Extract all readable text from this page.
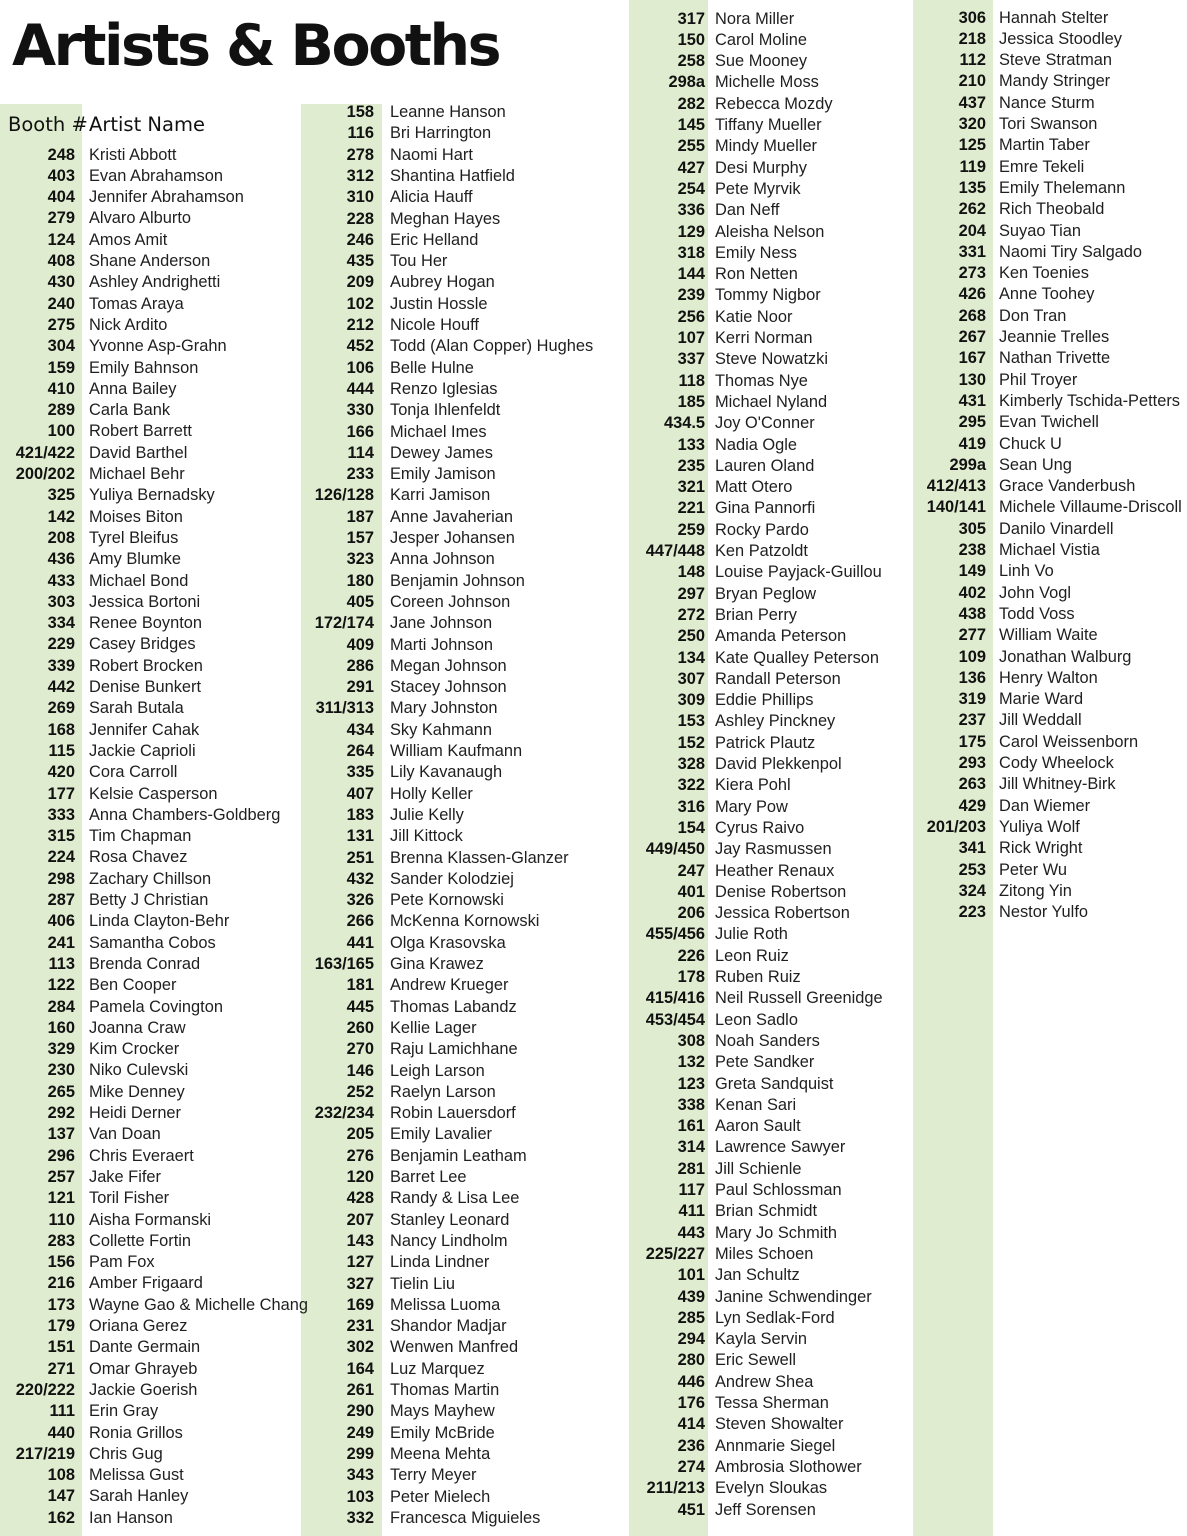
Artists & Booths
Booth # Artist Name
248 Kristi Abbott
403 Evan Abrahamson
404 Jennifer Abrahamson
279 Alvaro Alburto
124 Amos Amit
408 Shane Anderson
430 Ashley Andrighetti
240 Tomas Araya
275 Nick Ardito
304 Yvonne Asp-Grahn
159 Emily Bahnson
410 Anna Bailey
289 Carla Bank
100 Robert Barrett
421/422 David Barthel
200/202 Michael Behr
325 Yuliya Bernadsky
142 Moises Biton
208 Tyrel Bleifus
436 Amy Blumke
433 Michael Bond
303 Jessica Bortoni
334 Renee Boynton
229 Casey Bridges
339 Robert Brocken
442 Denise Bunkert
269 Sarah Butala
168 Jennifer Cahak
115 Jackie Caprioli
420 Cora Carroll
177 Kelsie Casperson
333 Anna Chambers-Goldberg
315 Tim Chapman
224 Rosa Chavez
298 Zachary Chillson
287 Betty J Christian
406 Linda Clayton-Behr
241 Samantha Cobos
113 Brenda Conrad
122 Ben Cooper
284 Pamela Covington
160 Joanna Craw
329 Kim Crocker
230 Niko Culevski
265 Mike Denney
292 Heidi Derner
137 Van Doan
296 Chris Everaert
257 Jake Fifer
121 Toril Fisher
110 Aisha Formanski
283 Collette Fortin
156 Pam Fox
216 Amber Frigaard
173 Wayne Gao & Michelle Chang
179 Oriana Gerez
151 Dante Germain
271 Omar Ghrayeb
220/222 Jackie Goerish
111 Erin Gray
440 Ronia Grillos
217/219 Chris Gug
108 Melissa Gust
147 Sarah Hanley
162 Ian Hanson
158 Leanne Hanson
116 Bri Harrington
278 Naomi Hart
312 Shantina Hatfield
310 Alicia Hauff
228 Meghan Hayes
246 Eric Helland
435 Tou Her
209 Aubrey Hogan
102 Justin Hossle
212 Nicole Houff
452 Todd (Alan Copper) Hughes
106 Belle Hulne
444 Renzo Iglesias
330 Tonja Ihlenfeldt
166 Michael Imes
114 Dewey James
233 Emily Jamison
126/128 Karri Jamison
187 Anne Javaherian
157 Jesper Johansen
323 Anna Johnson
180 Benjamin Johnson
405 Coreen Johnson
172/174 Jane Johnson
409 Marti Johnson
286 Megan Johnson
291 Stacey Johnson
311/313 Mary Johnston
434 Sky Kahmann
264 William Kaufmann
335 Lily Kavanaugh
407 Holly Keller
183 Julie Kelly
131 Jill Kittock
251 Brenna Klassen-Glanzer
432 Sander Kolodziej
326 Pete Kornowski
266 McKenna Kornowski
441 Olga Krasovska
163/165 Gina Krawez
181 Andrew Krueger
445 Thomas Labandz
260 Kellie Lager
270 Raju Lamichhane
146 Leigh Larson
252 Raelyn Larson
232/234 Robin Lauersdorf
205 Emily Lavalier
276 Benjamin Leatham
120 Barret Lee
428 Randy & Lisa Lee
207 Stanley Leonard
143 Nancy Lindholm
127 Linda Lindner
327 Tielin Liu
169 Melissa Luoma
231 Shandor Madjar
302 Wenwen Manfred
164 Luz Marquez
261 Thomas Martin
290 Mays Mayhew
249 Emily McBride
299 Meena Mehta
343 Terry Meyer
103 Peter Mielech
332 Francesca Miguieles
317 Nora Miller
150 Carol Moline
258 Sue Mooney
298a Michelle Moss
282 Rebecca Mozdy
145 Tiffany Mueller
255 Mindy Mueller
427 Desi Murphy
254 Pete Myrvik
336 Dan Neff
129 Aleisha Nelson
318 Emily Ness
144 Ron Netten
239 Tommy Nigbor
256 Katie Noor
107 Kerri Norman
337 Steve Nowatzki
118 Thomas Nye
185 Michael Nyland
434.5 Joy O'Conner
133 Nadia Ogle
235 Lauren Oland
321 Matt Otero
221 Gina Pannorfi
259 Rocky Pardo
447/448 Ken Patzoldt
148 Louise Payjack-Guillou
297 Bryan Peglow
272 Brian Perry
250 Amanda Peterson
134 Kate Qualley Peterson
307 Randall Peterson
309 Eddie Phillips
153 Ashley Pinckney
152 Patrick Plautz
328 David Plekkenpol
322 Kiera Pohl
316 Mary Pow
154 Cyrus Raivo
449/450 Jay Rasmussen
247 Heather Renaux
401 Denise Robertson
206 Jessica Robertson
455/456 Julie Roth
226 Leon Ruiz
178 Ruben Ruiz
415/416 Neil Russell Greenidge
453/454 Leon Sadlo
308 Noah Sanders
132 Pete Sandker
123 Greta Sandquist
338 Kenan Sari
161 Aaron Sault
314 Lawrence Sawyer
281 Jill Schienle
117 Paul Schlossman
411 Brian Schmidt
443 Mary Jo Schmith
225/227 Miles Schoen
101 Jan Schultz
439 Janine Schwendinger
285 Lyn Sedlak-Ford
294 Kayla Servin
280 Eric Sewell
446 Andrew Shea
176 Tessa Sherman
414 Steven Showalter
236 Annmarie Siegel
274 Ambrosia Slothower
211/213 Evelyn Sloukas
451 Jeff Sorensen
306 Hannah Stelter
218 Jessica Stoodley
112 Steve Stratman
210 Mandy Stringer
437 Nance Sturm
320 Tori Swanson
125 Martin Taber
119 Emre Tekeli
135 Emily Thelemann
262 Rich Theobald
204 Suyao Tian
331 Naomi Tiry Salgado
273 Ken Toenies
426 Anne Toohey
268 Don Tran
267 Jeannie Trelles
167 Nathan Trivette
130 Phil Troyer
431 Kimberly Tschida-Petters
295 Evan Twichell
419 Chuck U
299a Sean Ung
412/413 Grace Vanderbush
140/141 Michele Villaume-Driscoll
305 Danilo Vinardell
238 Michael Vistia
149 Linh Vo
402 John Vogl
438 Todd Voss
277 William Waite
109 Jonathan Walburg
136 Henry Walton
319 Marie Ward
237 Jill Weddall
175 Carol Weissenborn
293 Cody Wheelock
263 Jill Whitney-Birk
429 Dan Wiemer
201/203 Yuliya Wolf
341 Rick Wright
253 Peter Wu
324 Zitong Yin
223 Nestor Yulfo
